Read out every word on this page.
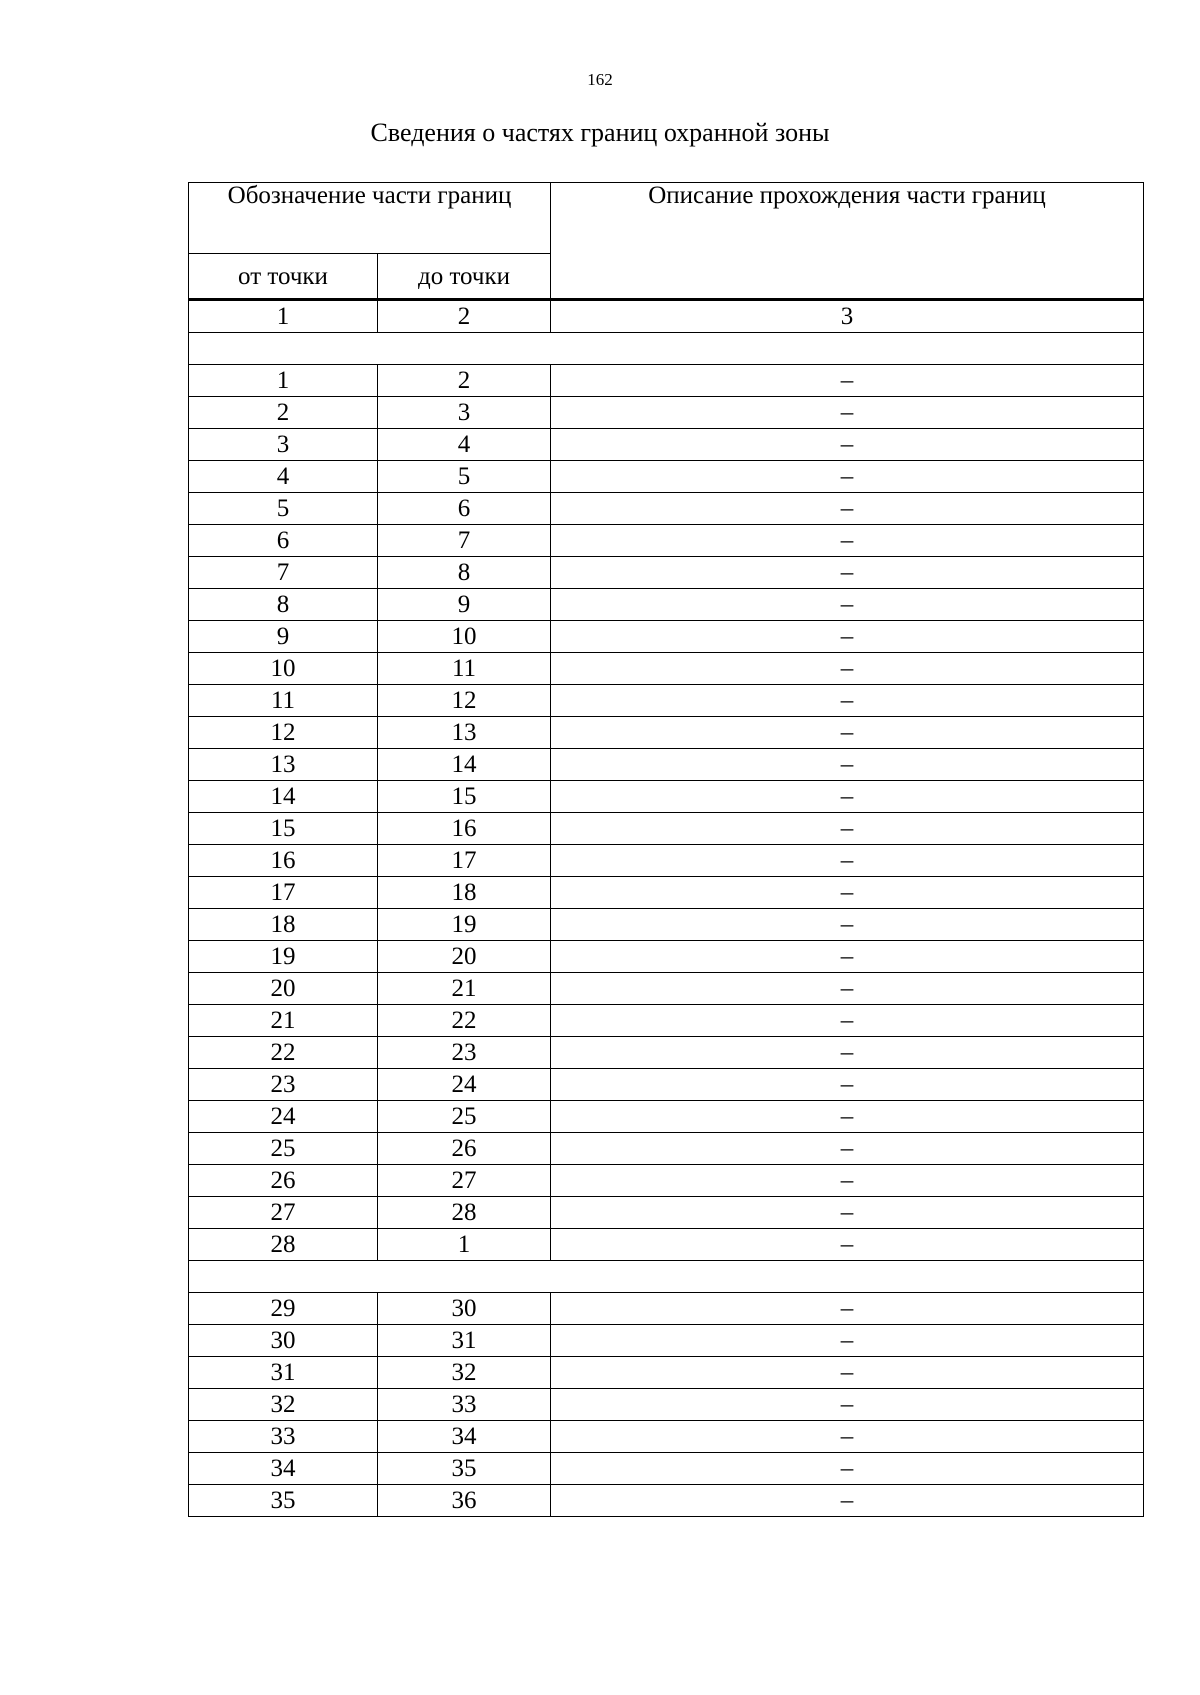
162
Сведения о частях границ охранной зоны
Обозначение части границ		Описание прохождения части границ
от точки	до точки	
1	2	3

1	2	–
2	3	–
3	4	–
4	5	–
5	6	–
6	7	–
7	8	–
8	9	–
9	10	–
10	11	–
11	12	–
12	13	–
13	14	–
14	15	–
15	16	–
16	17	–
17	18	–
18	19	–
19	20	–
20	21	–
21	22	–
22	23	–
23	24	–
24	25	–
25	26	–
26	27	–
27	28	–
28	1	–

29	30	–
30	31	–
31	32	–
32	33	–
33	34	–
34	35	–
35	36	–
